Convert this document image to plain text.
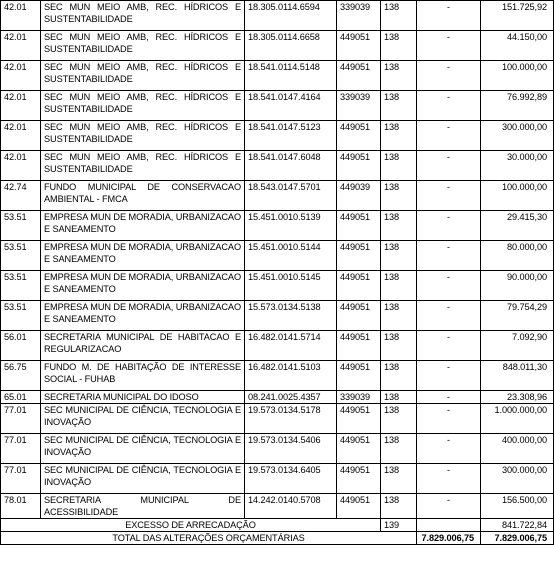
42.01	SEC MUN MEIO AMB, REC. HÍDRICOS E SUSTENTABILIDADE	18.305.0114.6594	339039	138	-	151.725,92
42.01	SEC MUN MEIO AMB, REC. HÍDRICOS E SUSTENTABILIDADE	18.305.0114.6658	449051	138	-	44.150,00
42.01	SEC MUN MEIO AMB, REC. HÍDRICOS E SUSTENTABILIDADE	18.541.0114.5148	449051	138	-	100.000,00
42.01	SEC MUN MEIO AMB, REC. HÍDRICOS E SUSTENTABILIDADE	18.541.0147.4164	339039	138	-	76.992,89
42.01	SEC MUN MEIO AMB, REC. HÍDRICOS E SUSTENTABILIDADE	18.541.0147.5123	449051	138	-	300.000,00
42.01	SEC MUN MEIO AMB, REC. HÍDRICOS E SUSTENTABILIDADE	18.541.0147.6048	449051	138	-	30.000,00
42.74	FUNDO MUNICIPAL DE CONSERVACAO AMBIENTAL - FMCA	18.543.0147.5701	449039	138	-	100.000,00
53.51	EMPRESA MUN DE MORADIA, URBANIZACAO E SANEAMENTO	15.451.0010.5139	449051	138	-	29.415,30
53.51	EMPRESA MUN DE MORADIA, URBANIZACAO E SANEAMENTO	15.451.0010.5144	449051	138	-	80.000,00
53.51	EMPRESA MUN DE MORADIA, URBANIZACAO E SANEAMENTO	15.451.0010.5145	449051	138	-	90.000,00
53.51	EMPRESA MUN DE MORADIA, URBANIZACAO E SANEAMENTO	15.573.0134.5138	449051	138	-	79.754,29
56.01	SECRETARIA MUNICIPAL DE HABITACAO E REGULARIZACAO	16.482.0141.5714	449051	138	-	7.092,90
56.75	FUNDO M. DE HABITAÇÃO DE INTERESSE SOCIAL - FUHAB	16.482.0141.5103	449051	138	-	848.011,30
65.01	SECRETARIA MUNICIPAL DO IDOSO	08.241.0025.4357	339039	138	-	23.308,96
77.01	SEC MUNICIPAL DE CIÊNCIA, TECNOLOGIA E INOVAÇÃO	19.573.0134.5178	449051	138	-	1.000.000,00
77.01	SEC MUNICIPAL DE CIÊNCIA, TECNOLOGIA E INOVAÇÃO	19.573.0134.5406	449051	138	-	400.000,00
77.01	SEC MUNICIPAL DE CIÊNCIA, TECNOLOGIA E INOVAÇÃO	19.573.0134.6405	449051	138	-	300.000,00
78.01	SECRETARIA MUNICIPAL DE ACESSIBILIDADE	14.242.0140.5708	449051	138	-	156.500,00
EXCESSO DE ARRECADAÇÃO				139		841.722,84
TOTAL DAS ALTERAÇÕES ORÇAMENTÁRIAS					7.829.006,75	7.829.006,75
